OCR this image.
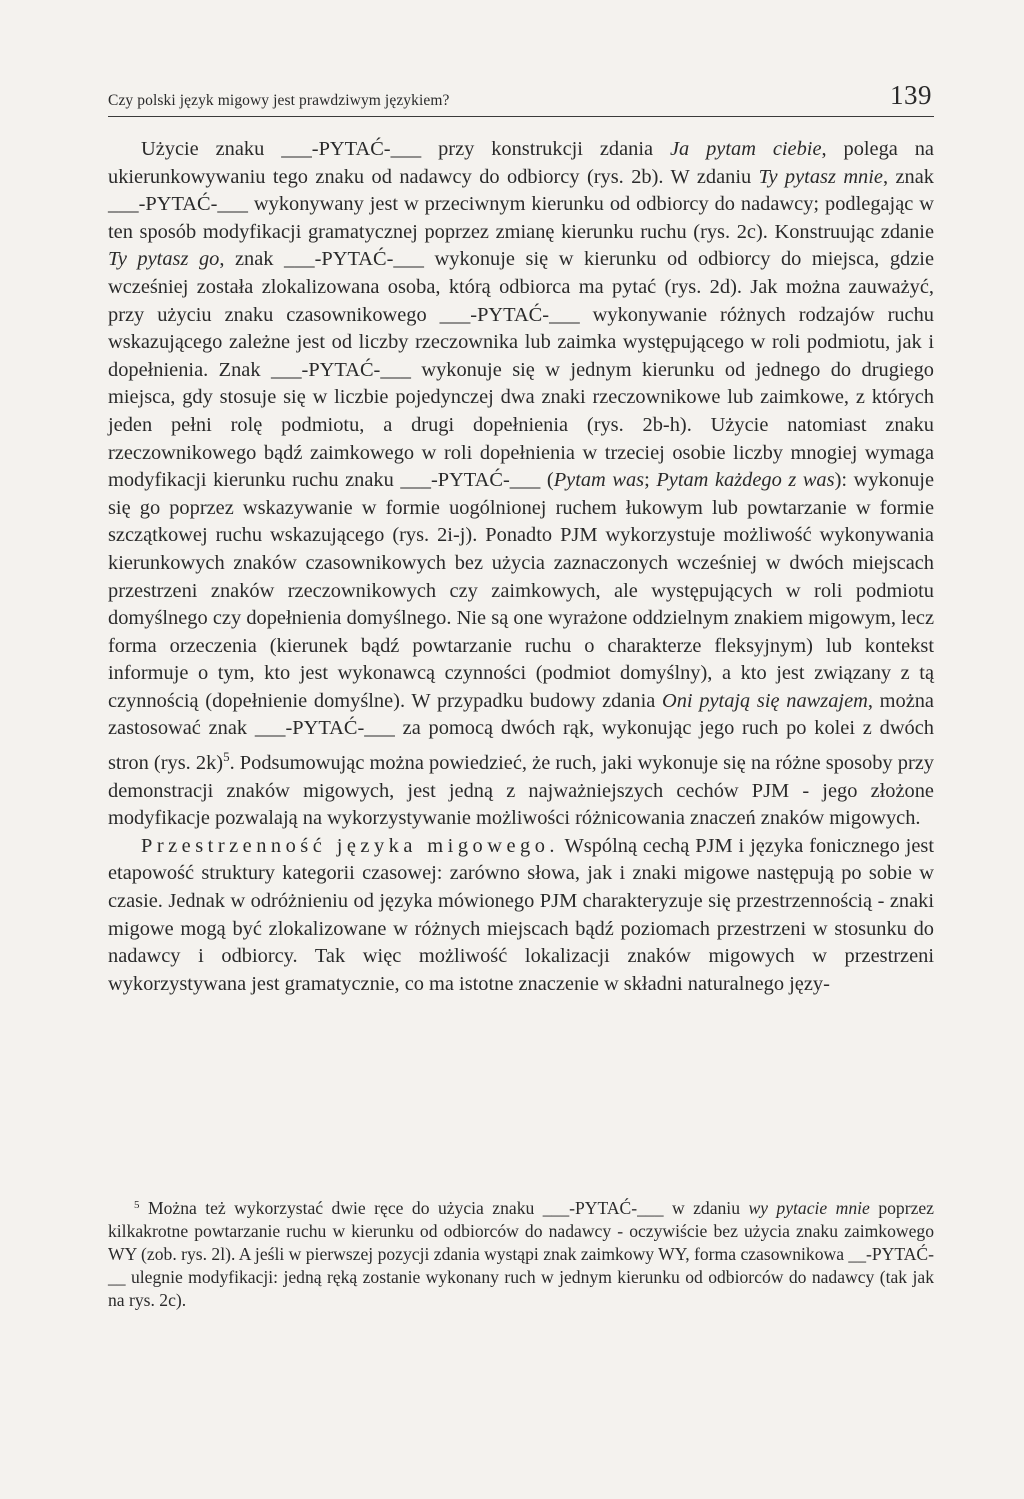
Czy polski język migowy jest prawdziwym językiem?	139

Użycie znaku ___-PYTAĆ-___ przy konstrukcji zdania Ja pytam ciebie, polega na ukierunkowywaniu tego znaku od nadawcy do odbiorcy (rys. 2b). W zdaniu Ty pytasz mnie, znak ___-PYTAĆ-___ wykonywany jest w przeciwnym kierunku od odbiorcy do nadawcy; podlegając w ten sposób modyfikacji gramatycznej poprzez zmianę kierunku ruchu (rys. 2c). Konstruując zdanie Ty pytasz go, znak ___-PYTAĆ-___ wykonuje się w kierunku od odbiorcy do miejsca, gdzie wcześniej została zlokalizowana osoba, którą odbiorca ma pytać (rys. 2d). Jak można zauważyć, przy użyciu znaku czasownikowego ___-PYTAĆ-___ wykonywanie różnych rodzajów ruchu wskazującego zależne jest od liczby rzeczownika lub zaimka występującego w roli podmiotu, jak i dopełnienia. Znak ___-PYTAĆ-___ wykonuje się w jednym kierunku od jednego do drugiego miejsca, gdy stosuje się w liczbie pojedynczej dwa znaki rzeczownikowe lub zaimkowe, z których jeden pełni rolę podmiotu, a drugi dopełnienia (rys. 2b-h). Użycie natomiast znaku rzeczownikowego bądź zaimkowego w roli dopełnienia w trzeciej osobie liczby mnogiej wymaga modyfikacji kierunku ruchu znaku ___-PYTAĆ-___ (Pytam was; Pytam każdego z was): wykonuje się go poprzez wskazywanie w formie uogólnionej ruchem łukowym lub powtarzanie w formie szczątkowej ruchu wskazującego (rys. 2i-j). Ponadto PJM wykorzystuje możliwość wykonywania kierunkowych znaków czasownikowych bez użycia zaznaczonych wcześniej w dwóch miejscach przestrzeni znaków rzeczownikowych czy zaimkowych, ale występujących w roli podmiotu domyślnego czy dopełnienia domyślnego. Nie są one wyrażone oddzielnym znakiem migowym, lecz forma orzeczenia (kierunek bądź powtarzanie ruchu o charakterze fleksyjnym) lub kontekst informuje o tym, kto jest wykonawcą czynności (podmiot domyślny), a kto jest związany z tą czynnością (dopełnienie domyślne). W przypadku budowy zdania Oni pytają się nawzajem, można zastosować znak ___-PYTAĆ-___ za pomocą dwóch rąk, wykonując jego ruch po kolei z dwóch stron (rys. 2k)$^5$. Podsumowując można powiedzieć, że ruch, jaki wykonuje się na różne sposoby przy demonstracji znaków migowych, jest jedną z najważniejszych cechów PJM - jego złożone modyfikacje pozwalają na wykorzystywanie możliwości różnicowania znaczeń znaków migowych.

Przestrzenność języka migowego. Wspólną cechą PJM i języka fonicznego jest etapowość struktury kategorii czasowej: zarówno słowa, jak i znaki migowe następują po sobie w czasie. Jednak w odróżnieniu od języka mówionego PJM charakteryzuje się przestrzennością - znaki migowe mogą być zlokalizowane w różnych miejscach bądź poziomach przestrzeni w stosunku do nadawcy i odbiorcy. Tak więc możliwość lokalizacji znaków migowych w przestrzeni wykorzystywana jest gramatycznie, co ma istotne znaczenie w składni naturalnego języ-

$^5$ Można też wykorzystać dwie ręce do użycia znaku ___-PYTAĆ-___ w zdaniu wy pytacie mnie poprzez kilkakrotne powtarzanie ruchu w kierunku od odbiorców do nadawcy - oczywiście bez użycia znaku zaimkowego WY (zob. rys. 2l). A jeśli w pierwszej pozycji zdania wystąpi znak zaimkowy WY, forma czasownikowa __-PYTAĆ-__ ulegnie modyfikacji: jedną ręką zostanie wykonany ruch w jednym kierunku od odbiorców do nadawcy (tak jak na rys. 2c).
